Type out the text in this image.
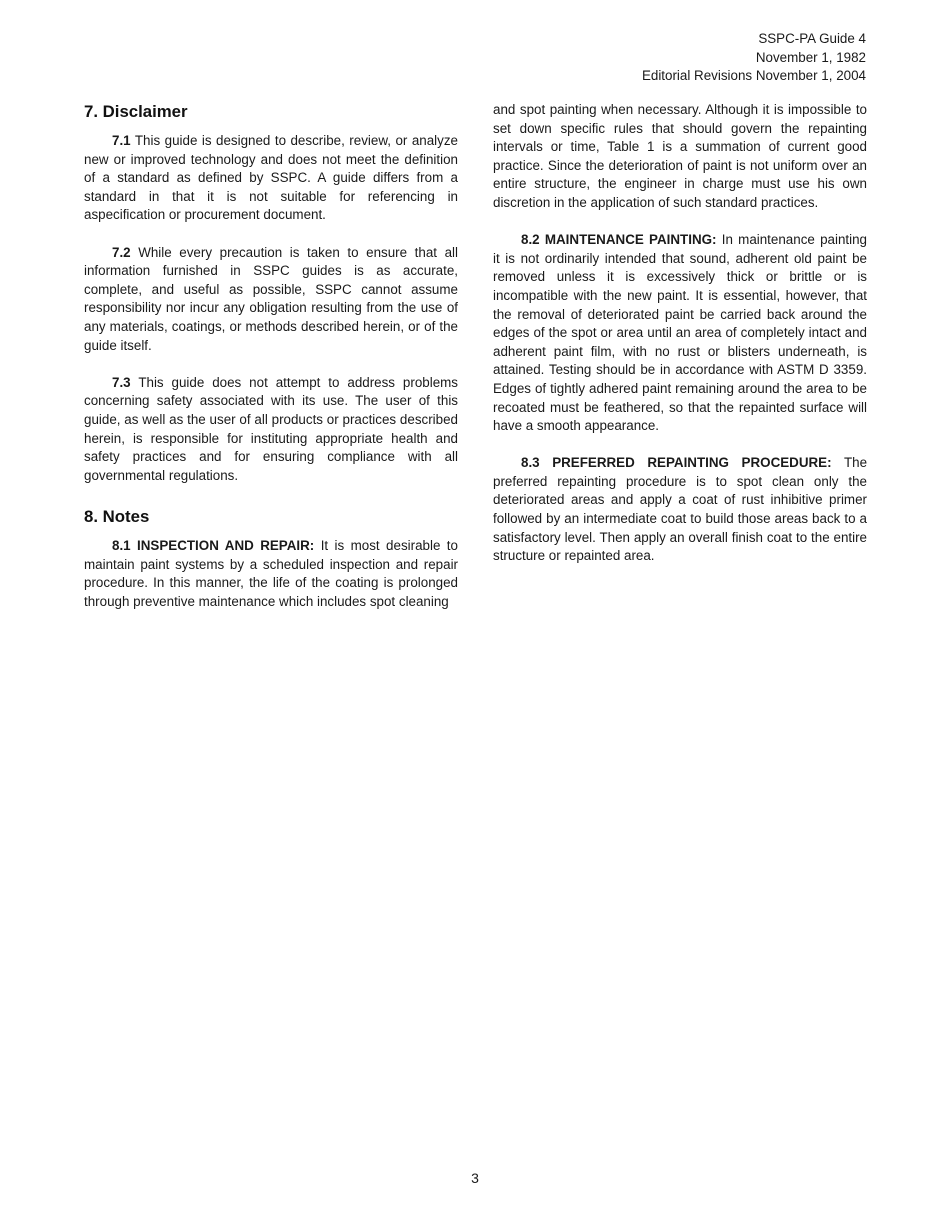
SSPC-PA Guide 4
November 1, 1982
Editorial Revisions November 1, 2004
7. Disclaimer

7.1 This guide is designed to describe, review, or analyze new or improved technology and does not meet the definition of a standard as defined by SSPC. A guide differs from a standard in that it is not suitable for referencing in aspecification or procurement document.

7.2 While every precaution is taken to ensure that all information furnished in SSPC guides is as accurate, complete, and useful as possible, SSPC cannot assume responsibility nor incur any obligation resulting from the use of any materials, coatings, or methods described herein, or of the guide itself.

7.3 This guide does not attempt to address problems concerning safety associated with its use. The user of this guide, as well as the user of all products or practices described herein, is responsible for instituting appropriate health and safety practices and for ensuring compliance with all governmental regulations.

8. Notes

8.1 INSPECTION AND REPAIR: It is most desirable to maintain paint systems by a scheduled inspection and repair procedure. In this manner, the life of the coating is prolonged through preventive maintenance which includes spot cleaning

and spot painting when necessary. Although it is impossible to set down specific rules that should govern the repainting intervals or time, Table 1 is a summation of current good practice. Since the deterioration of paint is not uniform over an entire structure, the engineer in charge must use his own discretion in the application of such standard practices.

8.2 MAINTENANCE PAINTING: In maintenance painting it is not ordinarily intended that sound, adherent old paint be removed unless it is excessively thick or brittle or is incompatible with the new paint. It is essential, however, that the removal of deteriorated paint be carried back around the edges of the spot or area until an area of completely intact and adherent paint film, with no rust or blisters underneath, is attained. Testing should be in accordance with ASTM D 3359. Edges of tightly adhered paint remaining around the area to be recoated must be feathered, so that the repainted surface will have a smooth appearance.

8.3 PREFERRED REPAINTING PROCEDURE: The preferred repainting procedure is to spot clean only the deteriorated areas and apply a coat of rust inhibitive primer followed by an intermediate coat to build those areas back to a satisfactory level. Then apply an overall finish coat to the entire structure or repainted area.

3
